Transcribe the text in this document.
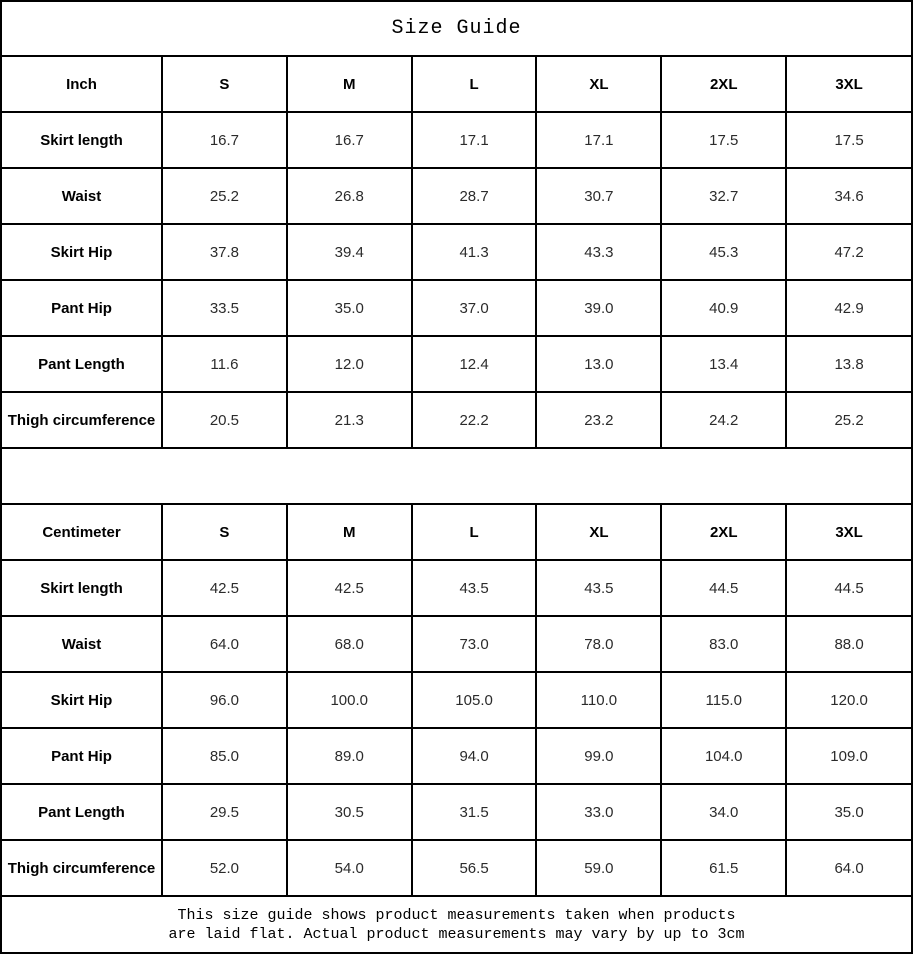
Size Guide
Inch	S	M	L	XL	2XL	3XL
Skirt length	16.7	16.7	17.1	17.1	17.5	17.5
Waist	25.2	26.8	28.7	30.7	32.7	34.6
Skirt Hip	37.8	39.4	41.3	43.3	45.3	47.2
Pant Hip	33.5	35.0	37.0	39.0	40.9	42.9
Pant Length	11.6	12.0	12.4	13.0	13.4	13.8
Thigh circumference	20.5	21.3	22.2	23.2	24.2	25.2
Centimeter	S	M	L	XL	2XL	3XL
Skirt length	42.5	42.5	43.5	43.5	44.5	44.5
Waist	64.0	68.0	73.0	78.0	83.0	88.0
Skirt Hip	96.0	100.0	105.0	110.0	115.0	120.0
Pant Hip	85.0	89.0	94.0	99.0	104.0	109.0
Pant Length	29.5	30.5	31.5	33.0	34.0	35.0
Thigh circumference	52.0	54.0	56.5	59.0	61.5	64.0
This size guide shows product measurements taken when products
are laid flat. Actual product measurements may vary by up to 3cm
